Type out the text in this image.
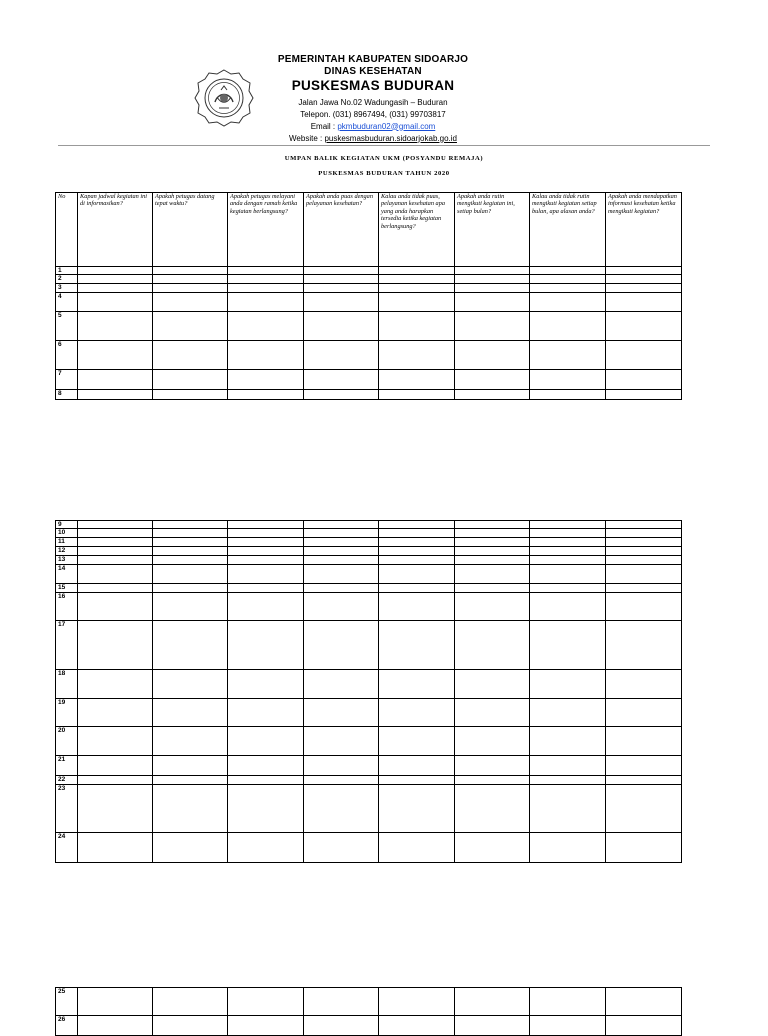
PEMERINTAH KABUPATEN SIDOARJO
DINAS KESEHATAN
PUSKESMAS BUDURAN
Jalan Jawa No.02 Wadungasih – Buduran
Telepon. (031) 8967494, (031) 99703817
Email : pkmbuduran02@gmail.com
Website : puskesmasbuduran.sidoarjokab.go.id
UMPAN BALIK KEGIATAN UKM (POSYANDU REMAJA)
PUSKESMAS BUDURAN TAHUN 2020
No	Kapan jadwal kegiatan ini di informasikan?	Apakah petugas datang tepat waktu?	Apakah petugas melayani anda dengan ramah ketika kegiatan berlangsung?	Apakah anda puas dengan pelayanan kesehatan?	Kalau anda tidak puas, pelayanan kesehatan apa yang anda harapkan tersedia ketika kegiatan berlangsung?	Apakah anda rutin mengikuti kegiatan ini, setiap bulan?	Kalau anda tidak rutin mengikuti kegiatan setiap bulan, apa alasan anda?	Apakah anda mendapatkan informasi kesehatan ketika mengikuti kegiatan?
1								
2								
3								
4								
5								
6								
7								
8								
9								
10								
11								
12								
13								
14								
15								
16								
17								
18								
19								
20								
21								
22								
23								
24								
25								
26								
